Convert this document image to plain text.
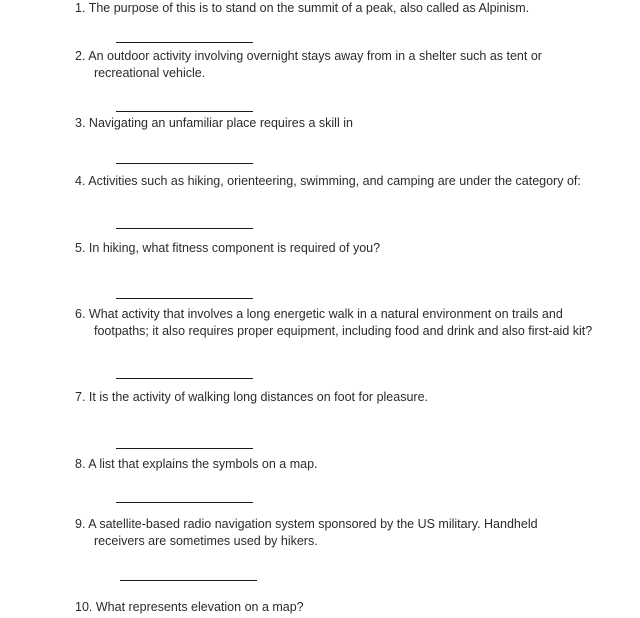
1. The purpose of this is to stand on the summit of a peak, also called as Alpinism.
2. An outdoor activity involving overnight stays away from in a shelter such as tent or
recreational vehicle.
3. Navigating an unfamiliar place requires a skill in
4. Activities such as hiking, orienteering, swimming, and camping are under the category of:
5. In hiking, what fitness component is required of you?
6. What activity that involves a long energetic walk in a natural environment on trails and
footpaths; it also requires proper equipment, including food and drink and also first-aid kit?
7. It is the activity of walking long distances on foot for pleasure.
8. A list that explains the symbols on a map.
9. A satellite-based radio navigation system sponsored by the US military. Handheld
receivers are sometimes used by hikers.
10. What represents elevation on a map?
